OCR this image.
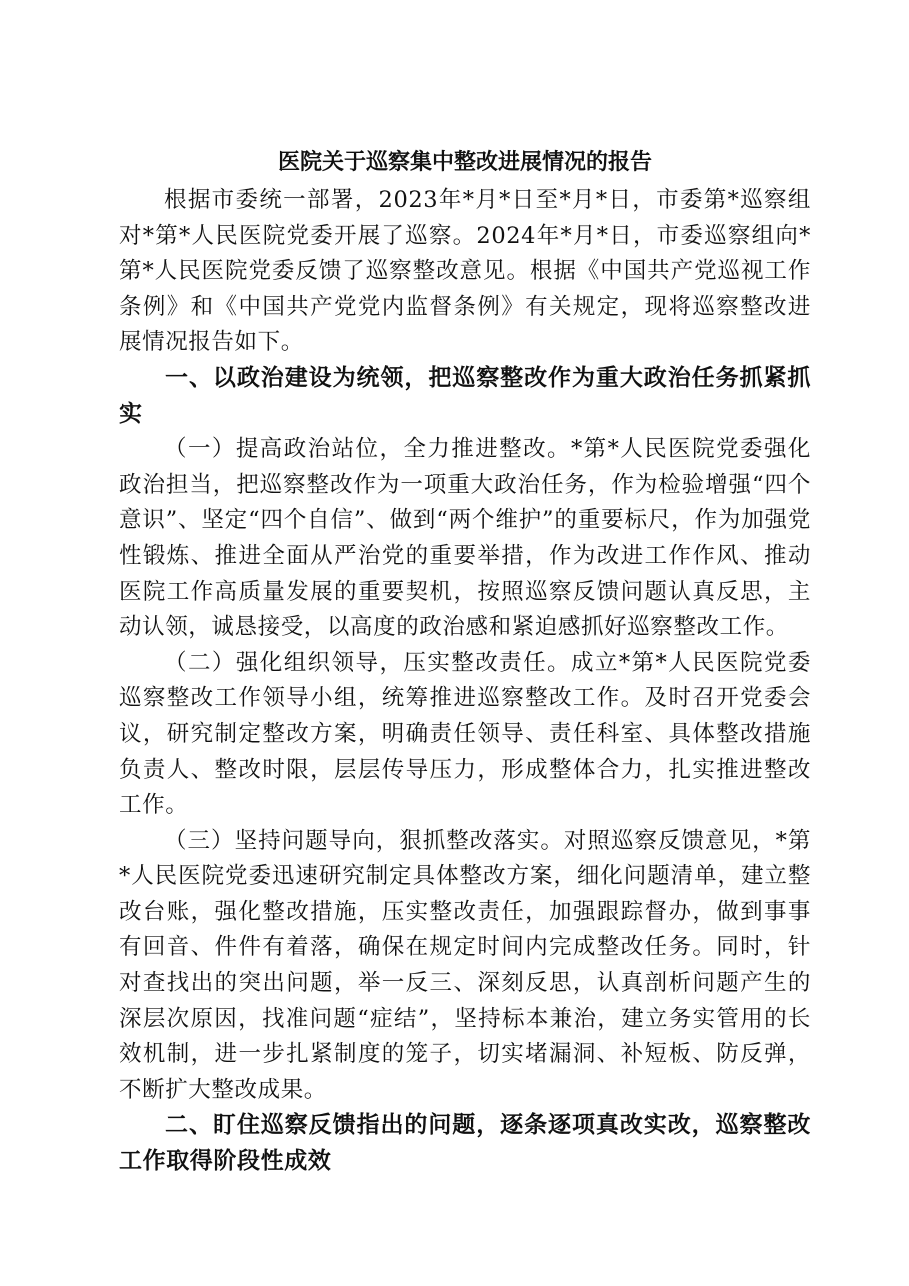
医院关于巡察集中整改进展情况的报告

根据市委统一部署，2023年*月*日至*月*日，市委第*巡察组对*第*人民医院党委开展了巡察。2024年*月*日，市委巡察组向*第*人民医院党委反馈了巡察整改意见。根据《中国共产党巡视工作条例》和《中国共产党党内监督条例》有关规定，现将巡察整改进展情况报告如下。

一、以政治建设为统领，把巡察整改作为重大政治任务抓紧抓实

（一）提高政治站位，全力推进整改。*第*人民医院党委强化政治担当，把巡察整改作为一项重大政治任务，作为检验增强“四个意识”、坚定“四个自信”、做到“两个维护”的重要标尺，作为加强党性锻炼、推进全面从严治党的重要举措，作为改进工作作风、推动医院工作高质量发展的重要契机，按照巡察反馈问题认真反思，主动认领，诚恳接受，以高度的政治感和紧迫感抓好巡察整改工作。

（二）强化组织领导，压实整改责任。成立*第*人民医院党委巡察整改工作领导小组，统筹推进巡察整改工作。及时召开党委会议，研究制定整改方案，明确责任领导、责任科室、具体整改措施负责人、整改时限，层层传导压力，形成整体合力，扎实推进整改工作。

（三）坚持问题导向，狠抓整改落实。对照巡察反馈意见，*第*人民医院党委迅速研究制定具体整改方案，细化问题清单，建立整改台账，强化整改措施，压实整改责任，加强跟踪督办，做到事事有回音、件件有着落，确保在规定时间内完成整改任务。同时，针对查找出的突出问题，举一反三、深刻反思，认真剖析问题产生的深层次原因，找准问题“症结”，坚持标本兼治，建立务实管用的长效机制，进一步扎紧制度的笼子，切实堵漏洞、补短板、防反弹，不断扩大整改成果。

二、盯住巡察反馈指出的问题，逐条逐项真改实改，巡察整改工作取得阶段性成效
